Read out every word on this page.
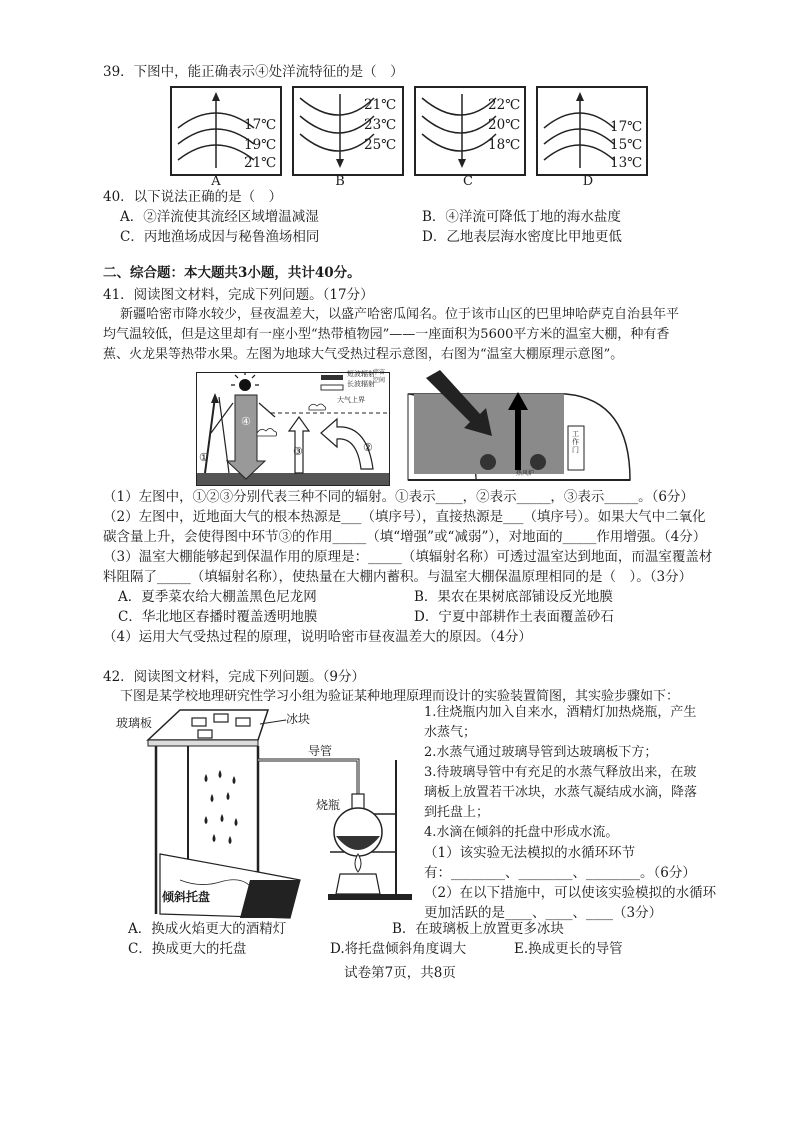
39．下图中，能正确表示④处洋流特征的是（　）
17℃
19℃
21℃
A
21℃
23℃
25℃
B
22℃
20℃
18℃
C
17℃
15℃
13℃
D
40．以下说法正确的是（　）
A．②洋流使其流经区域增温减湿	B．④洋流可降低丁地的海水盐度
C．丙地渔场成因与秘鲁渔场相同	D．乙地表层海水密度比甲地更低
二、综合题：本大题共3小题，共计40分。
41．阅读图文材料，完成下列问题。（17分）
新疆哈密市降水较少，昼夜温差大，以盛产哈密瓜闻名。位于该市山区的巴里坤哈萨克自治县年平
均气温较低，但是这里却有一座小型“热带植物园”——一座面积为5600平方米的温室大棚，种有香
蕉、火龙果等热带水果。左图为地球大气受热过程示意图，右图为“温室大棚原理示意图”。
短波辐射
长波辐射
宇宙空间
大气上界
①
②
③
④
工作门
热风炉
（1）左图中，①②③分别代表三种不同的辐射。①表示____，②表示_____，③表示_____。（6分）
（2）左图中，近地面大气的根本热源是___（填序号），直接热源是___（填序号）。如果大气中二氧化
碳含量上升，会使得图中环节③的作用_____（填“增强”或“减弱”），对地面的_____作用增强。（4分）
（3）温室大棚能够起到保温作用的原理是：_____（填辐射名称）可透过温室达到地面，而温室覆盖材
料阻隔了_____（填辐射名称），使热量在大棚内蓄积。与温室大棚保温原理相同的是（　）。（3分）
A．夏季菜农给大棚盖黑色尼龙网	B．果农在果树底部铺设反光地膜
C．华北地区春播时覆盖透明地膜	D．宁夏中部耕作土表面覆盖砂石
（4）运用大气受热过程的原理，说明哈密市昼夜温差大的原因。（4分）
42．阅读图文材料，完成下列问题。（9分）
下图是某学校地理研究性学习小组为验证某种地理原理而设计的实验装置简图，其实验步骤如下：
玻璃板	冰块
导管
烧瓶
倾斜托盘
1.往烧瓶内加入自来水，酒精灯加热烧瓶，产生
水蒸气；
2.水蒸气通过玻璃导管到达玻璃板下方；
3.待玻璃导管中有充足的水蒸气释放出来，在玻
璃板上放置若干冰块，水蒸气凝结成水滴，降落
到托盘上；
4.水滴在倾斜的托盘中形成水流。
（1）该实验无法模拟的水循环环节
有：________、________、________。（6分）
（2）在以下措施中，可以使该实验模拟的水循环
更加活跃的是____、____、____（3分）
A．换成火焰更大的酒精灯	B．在玻璃板上放置更多冰块
C．换成更大的托盘	D.将托盘倾斜角度调大	E.换成更长的导管
试卷第7页，共8页
